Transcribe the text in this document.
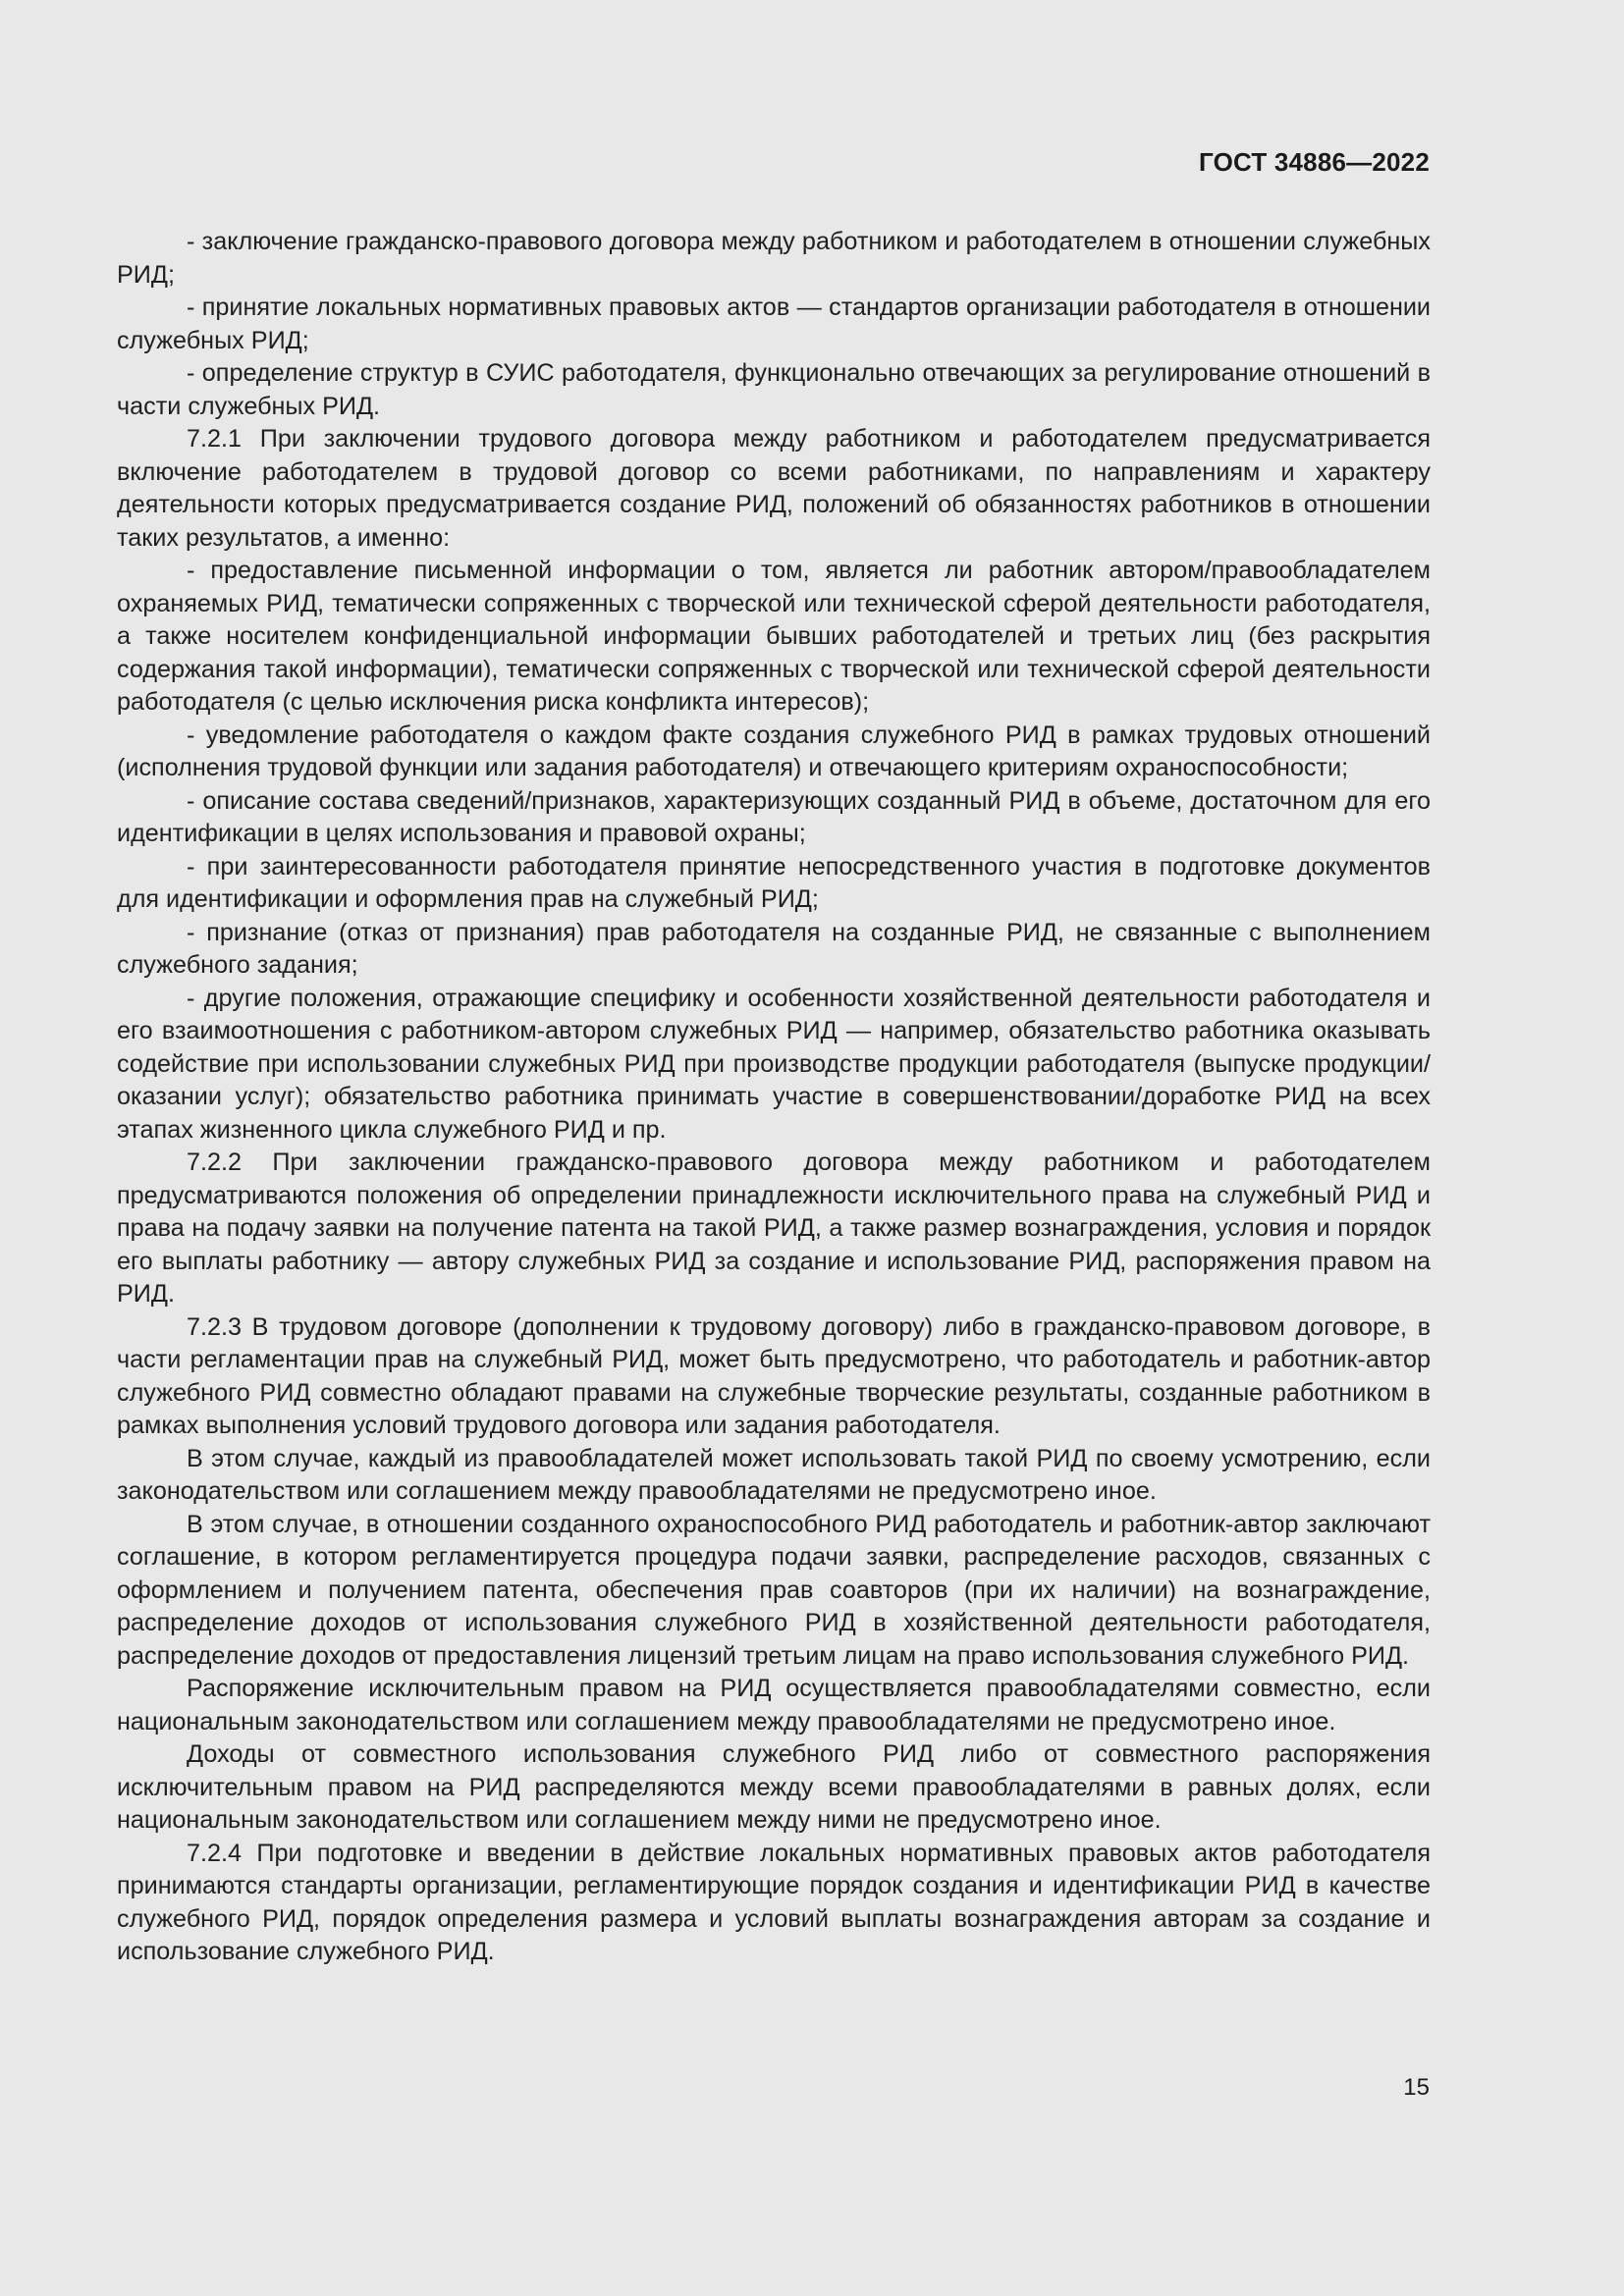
ГОСТ 34886—2022

- заключение гражданско-правового договора между работником и работодателем в отношении служебных РИД;

- принятие локальных нормативных правовых актов — стандартов организации работодателя в отношении служебных РИД;

- определение структур в СУИС работодателя, функционально отвечающих за регулирование отношений в части служебных РИД.

7.2.1 При заключении трудового договора между работником и работодателем предусматривается включение работодателем в трудовой договор со всеми работниками, по направлениям и характеру деятельности которых предусматривается создание РИД, положений об обязанностях работников в отношении таких результатов, а именно:

- предоставление письменной информации о том, является ли работник автором/правообладателем охраняемых РИД, тематически сопряженных с творческой или технической сферой деятельности работодателя, а также носителем конфиденциальной информации бывших работодателей и третьих лиц (без раскрытия содержания такой информации), тематически сопряженных с творческой или технической сферой деятельности работодателя (с целью исключения риска конфликта интересов);

- уведомление работодателя о каждом факте создания служебного РИД в рамках трудовых отношений (исполнения трудовой функции или задания работодателя) и отвечающего критериям охраноспособности;

- описание состава сведений/признаков, характеризующих созданный РИД в объеме, достаточном для его идентификации в целях использования и правовой охраны;

- при заинтересованности работодателя принятие непосредственного участия в подготовке документов для идентификации и оформления прав на служебный РИД;

- признание (отказ от признания) прав работодателя на созданные РИД, не связанные с выполнением служебного задания;

- другие положения, отражающие специфику и особенности хозяйственной деятельности работодателя и его взаимоотношения с работником-автором служебных РИД — например, обязательство работника оказывать содействие при использовании служебных РИД при производстве продукции работодателя (выпуске продукции/оказании услуг); обязательство работника принимать участие в совершенствовании/доработке РИД на всех этапах жизненного цикла служебного РИД и пр.

7.2.2 При заключении гражданско-правового договора между работником и работодателем предусматриваются положения об определении принадлежности исключительного права на служебный РИД и права на подачу заявки на получение патента на такой РИД, а также размер вознаграждения, условия и порядок его выплаты работнику — автору служебных РИД за создание и использование РИД, распоряжения правом на РИД.

7.2.3 В трудовом договоре (дополнении к трудовому договору) либо в гражданско-правовом договоре, в части регламентации прав на служебный РИД, может быть предусмотрено, что работодатель и работник-автор служебного РИД совместно обладают правами на служебные творческие результаты, созданные работником в рамках выполнения условий трудового договора или задания работодателя.

В этом случае, каждый из правообладателей может использовать такой РИД по своему усмотрению, если законодательством или соглашением между правообладателями не предусмотрено иное.

В этом случае, в отношении созданного охраноспособного РИД работодатель и работник-автор заключают соглашение, в котором регламентируется процедура подачи заявки, распределение расходов, связанных с оформлением и получением патента, обеспечения прав соавторов (при их наличии) на вознаграждение, распределение доходов от использования служебного РИД в хозяйственной деятельности работодателя, распределение доходов от предоставления лицензий третьим лицам на право использования служебного РИД.

Распоряжение исключительным правом на РИД осуществляется правообладателями совместно, если национальным законодательством или соглашением между правообладателями не предусмотрено иное.

Доходы от совместного использования служебного РИД либо от совместного распоряжения исключительным правом на РИД распределяются между всеми правообладателями в равных долях, если национальным законодательством или соглашением между ними не предусмотрено иное.

7.2.4 При подготовке и введении в действие локальных нормативных правовых актов работодателя принимаются стандарты организации, регламентирующие порядок создания и идентификации РИД в качестве служебного РИД, порядок определения размера и условий выплаты вознаграждения авторам за создание и использование служебного РИД.

15
